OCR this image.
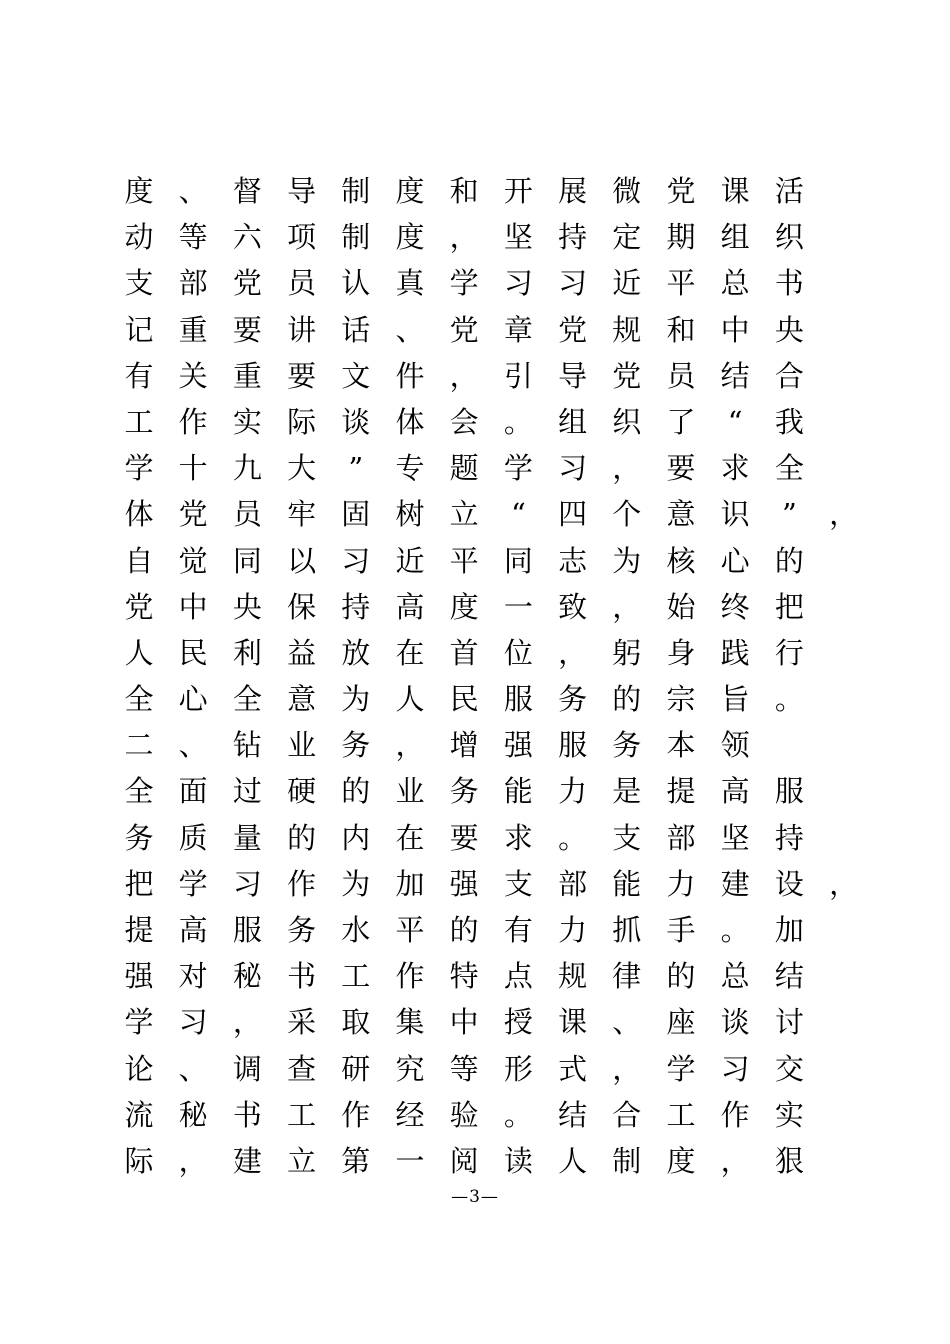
度 、 督 导 制 度 和 开 展 微 党 课 活
动 等 六 项 制 度 ， 坚 持 定 期 组 织
支 部 党 员 认 真 学 习 习 近 平 总 书
记 重 要 讲 话 、 党 章 党 规 和 中 央
有 关 重 要 文 件 ， 引 导 党 员 结 合
工 作 实 际 谈 体 会 。 组 织 了	“	我
学 十 九 大	”	专 题 学 习 ， 要 求 全
体 党 员 牢 固 树 立	“	四 个 意 识	”	，
自 觉 同 以 习 近 平 同 志 为 核 心 的
党 中 央 保 持 高 度 一 致 ， 始 终 把
人 民 利 益 放 在 首 位 ， 躬 身 践 行
全 心 全 意 为 人 民 服 务 的 宗 旨 。
二 、 钻 业 务 ， 增 强 服 务 本 领
全 面 过 硬 的 业 务 能 力 是 提 高 服
务 质 量 的 内 在 要 求 。 支 部 坚 持
把 学 习 作 为 加 强 支 部 能 力 建 设 ，
提 高 服 务 水 平 的 有 力 抓 手 。 加
强 对 秘 书 工 作 特 点 规 律 的 总 结
学 习 ， 采 取 集 中 授 课 、 座 谈 讨
论 、 调 查 研 究 等 形 式 ， 学 习 交
流 秘 书 工 作 经 验 。 结 合 工 作 实
际 ， 建 立 第 一 阅 读 人 制 度 ， 狠
—3—
